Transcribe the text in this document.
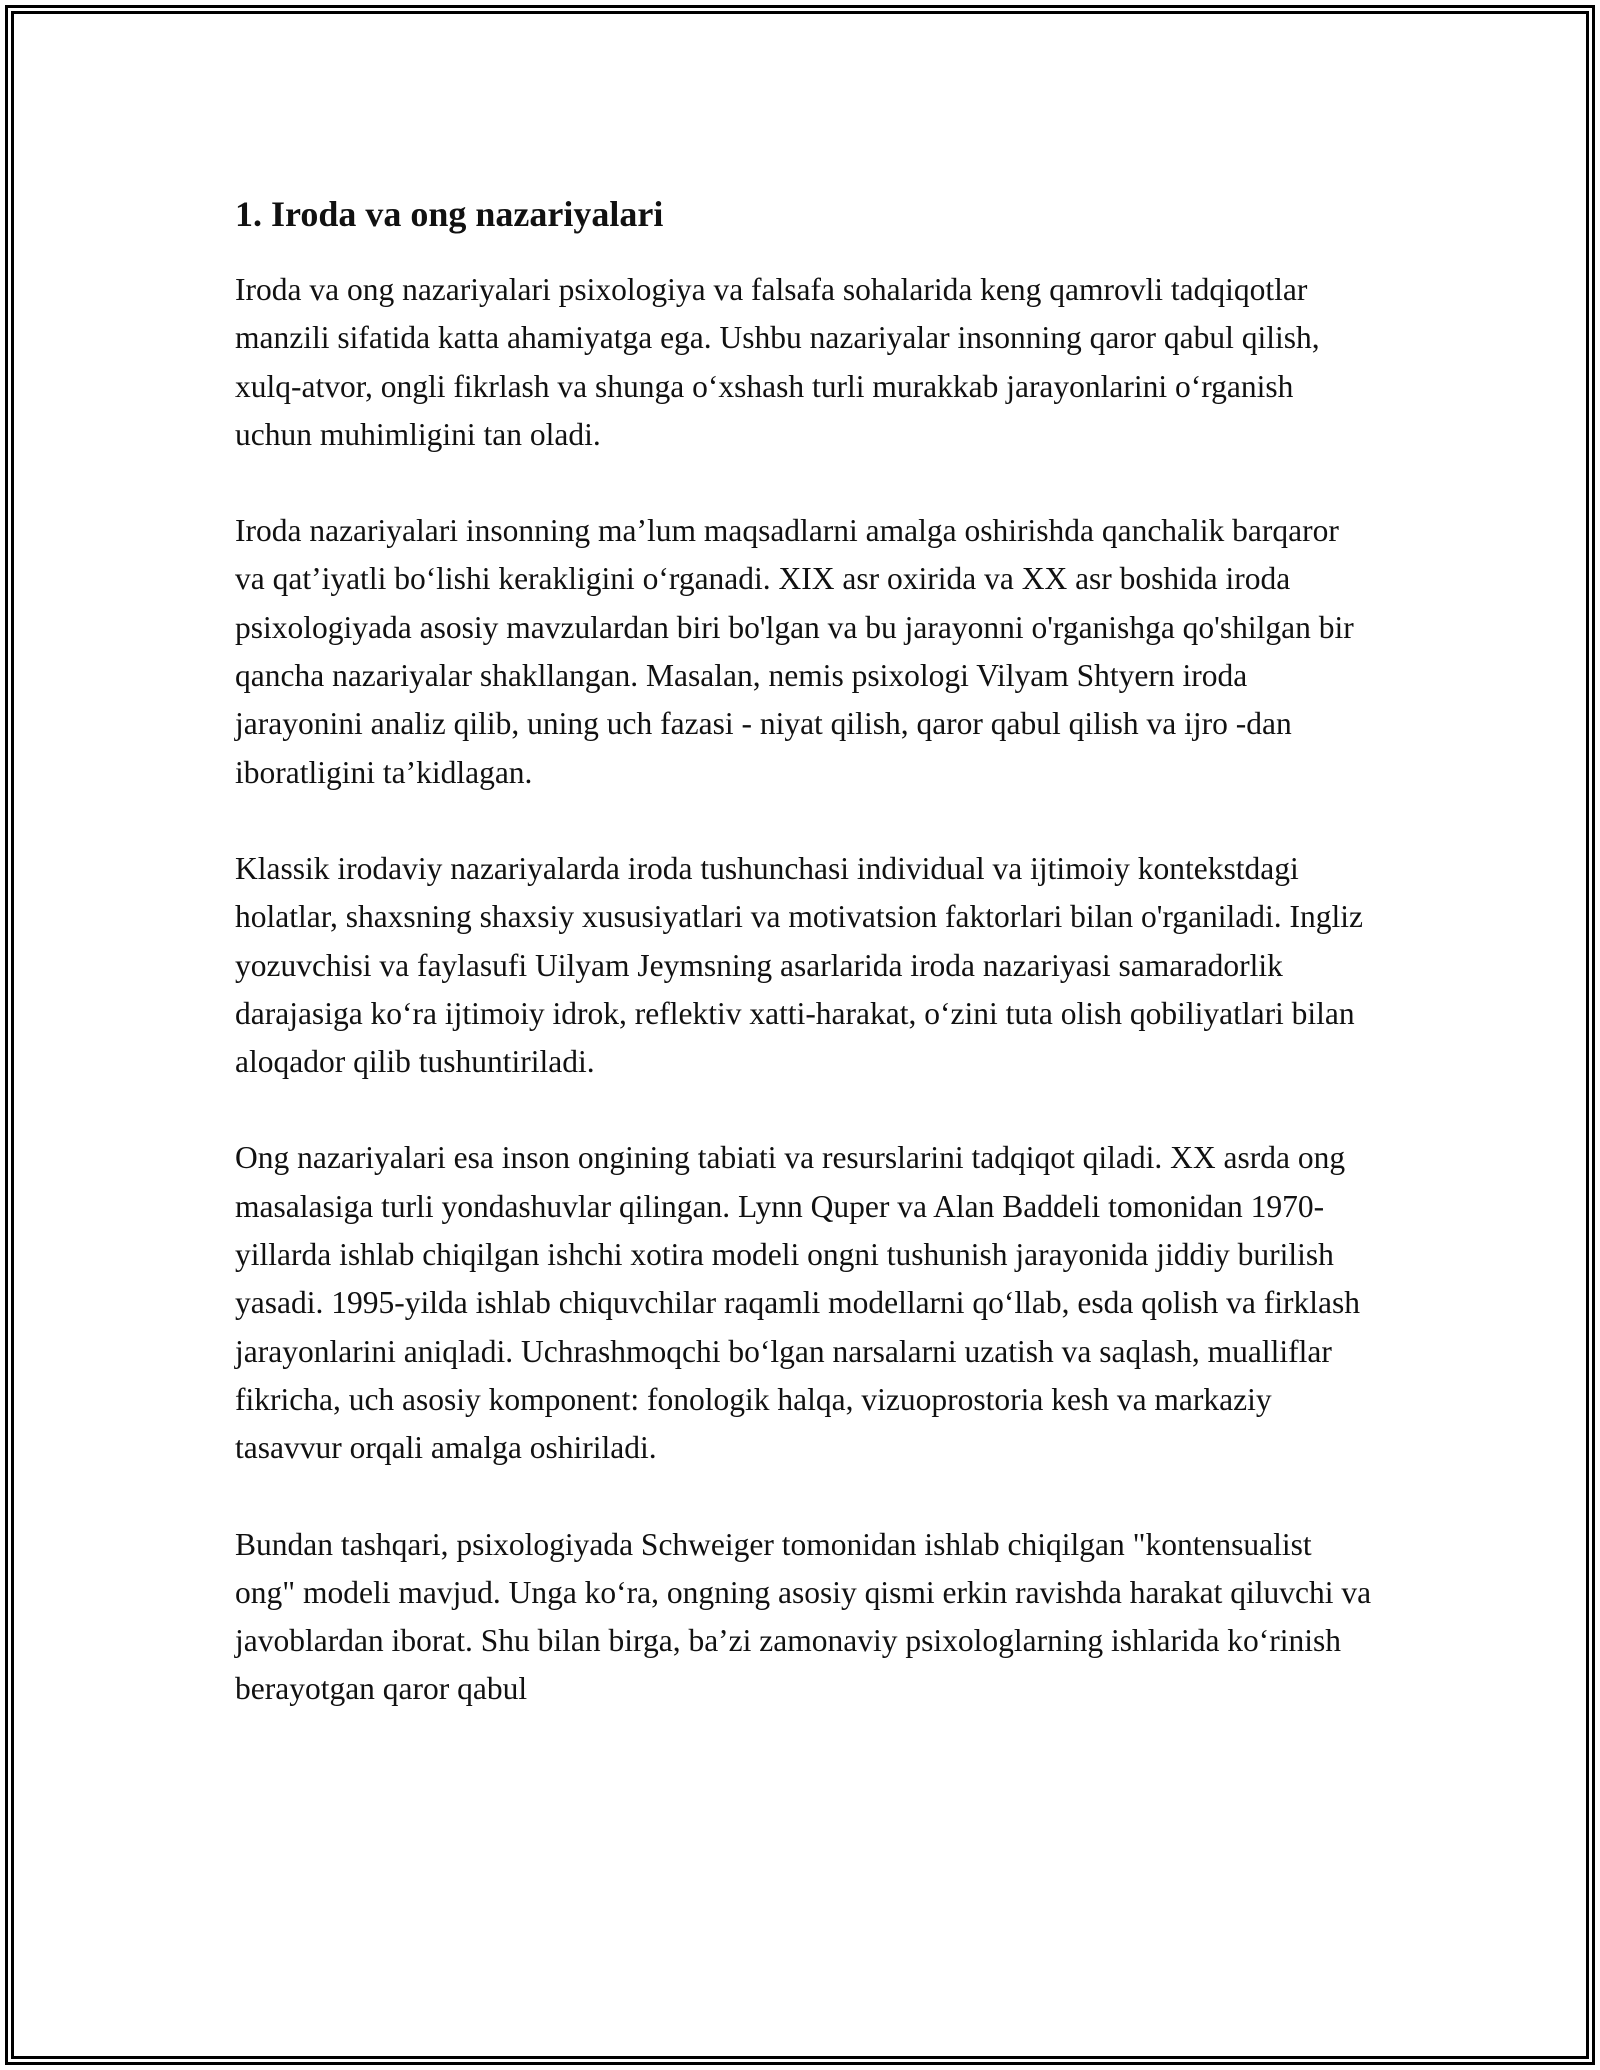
1. Iroda va ong nazariyalari

Iroda va ong nazariyalari psixologiya va falsafa sohalarida keng qamrovli tadqiqotlar manzili sifatida katta ahamiyatga ega. Ushbu nazariyalar insonning qaror qabul qilish, xulq-atvor, ongli fikrlash va shunga oʻxshash turli murakkab jarayonlarini oʻrganish uchun muhimligini tan oladi.

Iroda nazariyalari insonning maʼlum maqsadlarni amalga oshirishda qanchalik barqaror va qatʼiyatli boʻlishi kerakligini oʻrganadi. XIX asr oxirida va XX asr boshida iroda psixologiyada asosiy mavzulardan biri bo'lgan va bu jarayonni o'rganishga qo'shilgan bir qancha nazariyalar shakllangan. Masalan, nemis psixologi Vilyam Shtyern iroda jarayonini analiz qilib, uning uch fazasi - niyat qilish, qaror qabul qilish va ijro -dan iboratligini taʼkidlagan.

Klassik irodaviy nazariyalarda iroda tushunchasi individual va ijtimoiy kontekstdagi holatlar, shaxsning shaxsiy xususiyatlari va motivatsion faktorlari bilan o'rganiladi. Ingliz yozuvchisi va faylasufi Uilyam Jeymsning asarlarida iroda nazariyasi samaradorlik darajasiga koʻra ijtimoiy idrok, reflektiv xatti-harakat, oʻzini tuta olish qobiliyatlari bilan aloqador qilib tushuntiriladi.

Ong nazariyalari esa inson ongining tabiati va resurslarini tadqiqot qiladi. XX asrda ong masalasiga turli yondashuvlar qilingan. Lynn Quper va Alan Baddeli tomonidan 1970-yillarda ishlab chiqilgan ishchi xotira modeli ongni tushunish jarayonida jiddiy burilish yasadi. 1995-yilda ishlab chiquvchilar raqamli modellarni qoʻllab, esda qolish va firklash jarayonlarini aniqladi. Uchrashmoqchi boʻlgan narsalarni uzatish va saqlash, mualliflar fikricha, uch asosiy komponent: fonologik halqa, vizuoprostoria kesh va markaziy tasavvur orqali amalga oshiriladi.

Bundan tashqari, psixologiyada Schweiger tomonidan ishlab chiqilgan "kontensualist ong" modeli mavjud. Unga koʻra, ongning asosiy qismi erkin ravishda harakat qiluvchi va javoblardan iborat. Shu bilan birga, baʼzi zamonaviy psixologlarning ishlarida koʻrinish berayotgan qaror qabul
